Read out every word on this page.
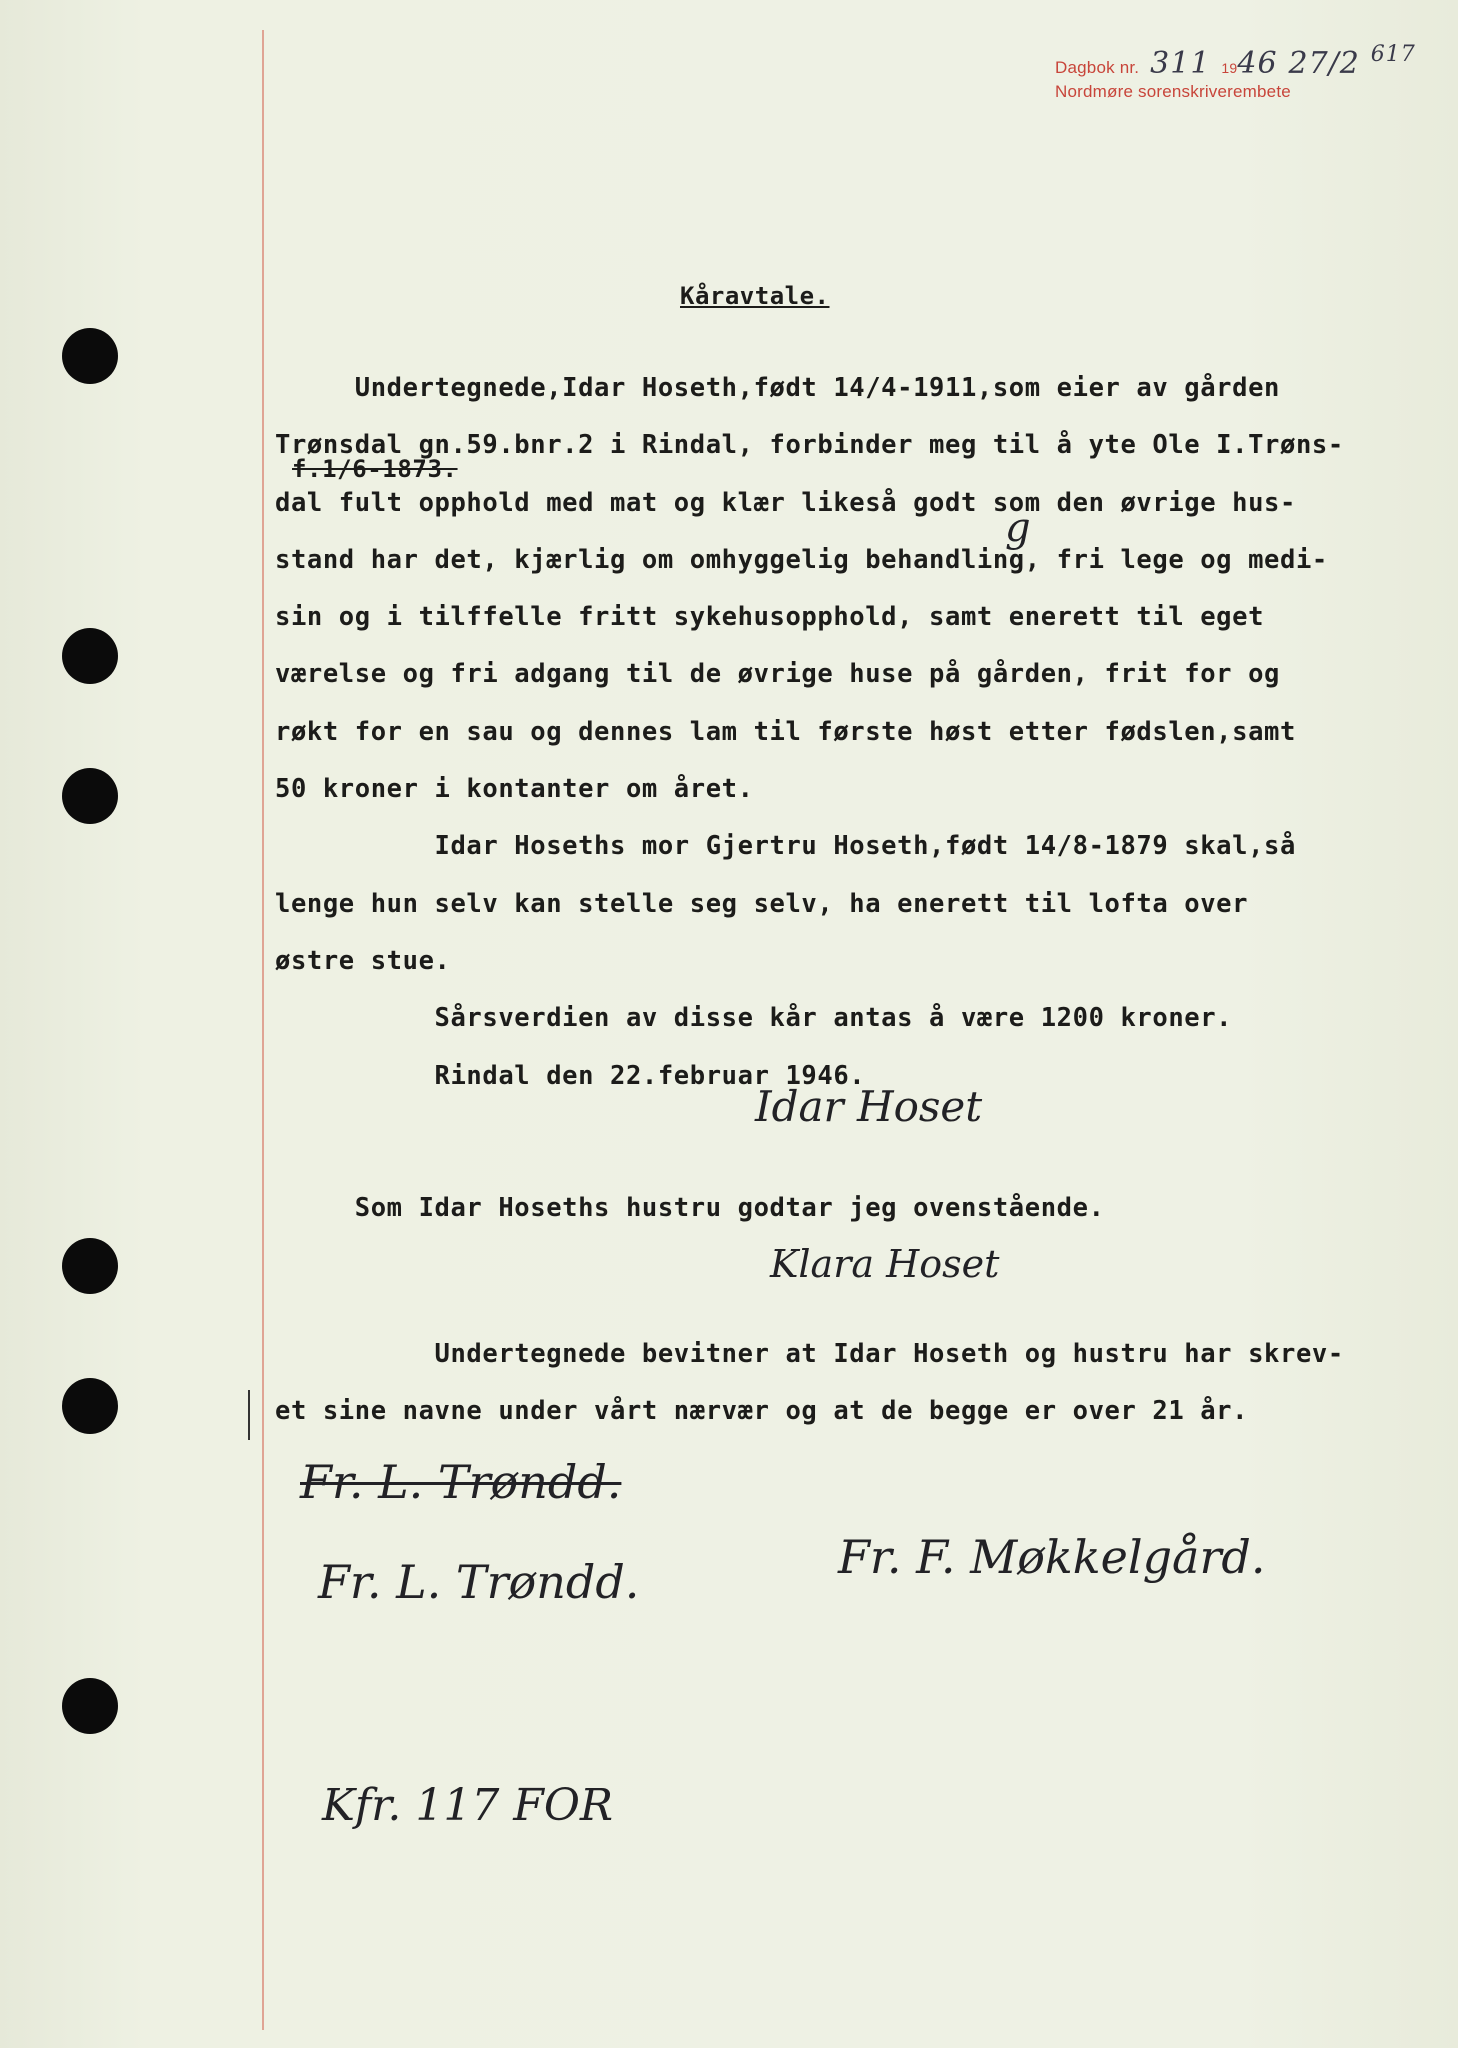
Dagbok nr. 311 1946 27/2 617
Nordmøre sorenskriverembete
Kåravtale.
f.1/6-1873.
Undertegnede,Idar Hoseth,født 14/4-1911,som eier av gården
Trønsdal gn.59.bnr.2 i Rindal, forbinder meg til å yte Ole I.Trøns-
dal fult opphold med mat og klær likeså godt som den øvrige hus-
stand har det, kjærlig om omhyggelig behandling, fri lege og medi-
sin og i tilffelle fritt sykehusopphold, samt enerett til eget
værelse og fri adgang til de øvrige huse på gården, frit for og
røkt for en sau og dennes lam til første høst etter fødslen,samt
50 kroner i kontanter om året.
Idar Hoseths mor Gjertru Hoseth,født 14/8-1879 skal,så
lenge hun selv kan stelle seg selv, ha enerett til lofta over
østre stue.
Sårsverdien av disse kår antas å være 1200 kroner.
Rindal den 22.februar 1946.
Idar Hoset
Som Idar Hoseths hustru godtar jeg ovenstående.
Klara Hoset
Undertegnede bevitner at Idar Hoseth og hustru har skrev-
et sine navne under vårt nærvær og at de begge er over 21 år.
g
Fr. L. Trøndd.
Fr. L. Trøndd.	Fr. F. Møkkelgård.
Kfr. 117 FOR
